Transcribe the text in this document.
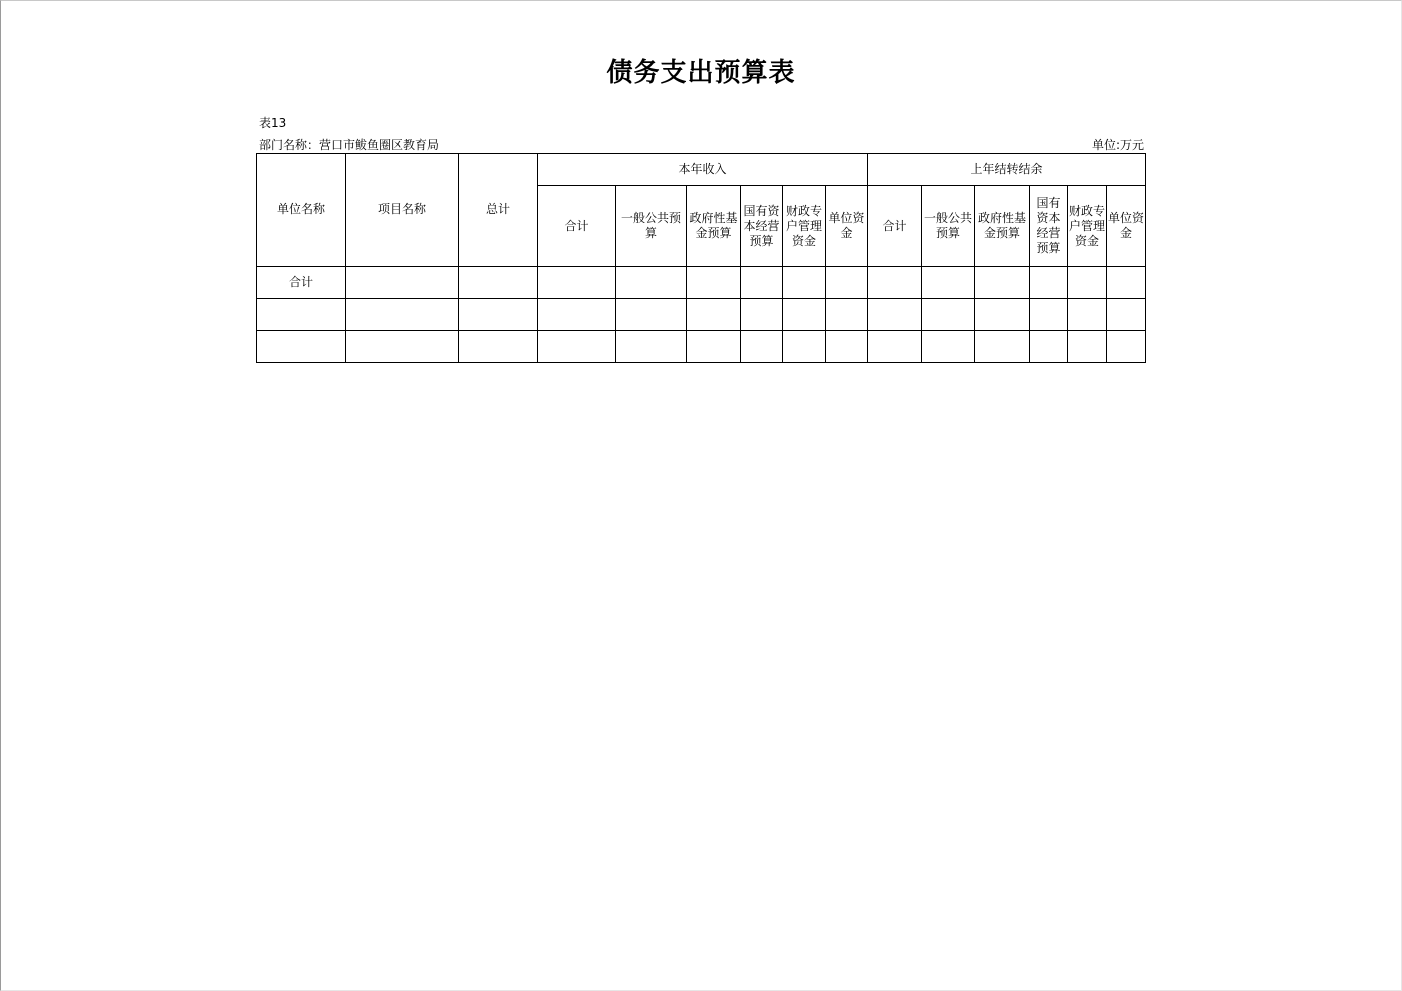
债务支出预算表
表13
部门名称：营口市鲅鱼圈区教育局	单位:万元
单位名称	项目名称	总计	本年收入						上年结转结余					
			合计	一般公共预算	政府性基金预算	国有资本经营预算	财政专户管理资金	单位资金	合计	一般公共预算	政府性基金预算	国有资本经营预算	财政专户管理资金	单位资金
合计														
